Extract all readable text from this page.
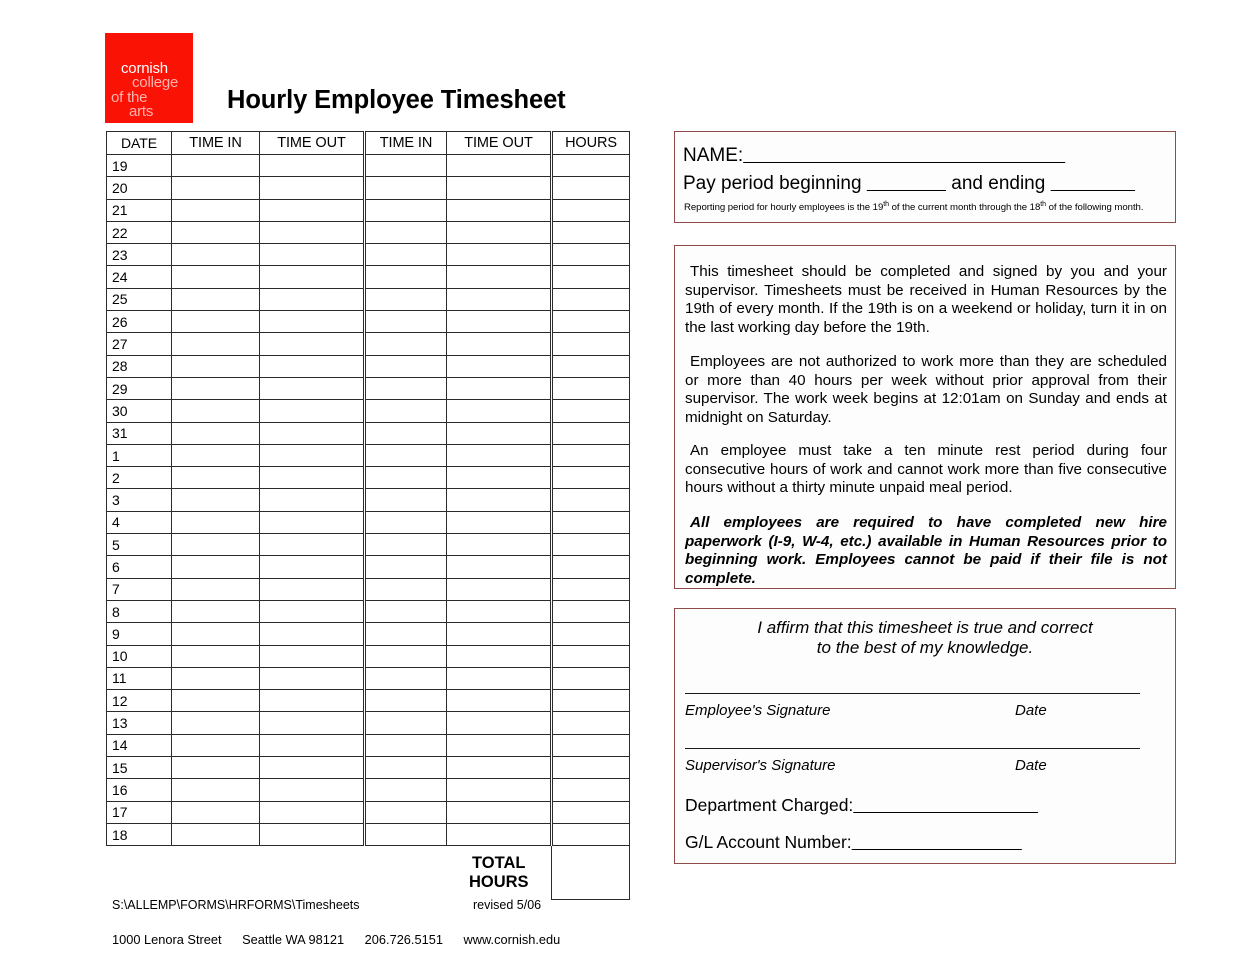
cornish
college
of the
arts	Hourly Employee Timesheet
DATE	TIME IN	TIME OUT	TIME IN	TIME OUT	HOURS
19					
20					
21					
22					
23					
24					
25					
26					
27					
28					
29					
30					
31					
1					
2					
3					
4					
5					
6					
7					
8					
9					
10					
11					
12					
13					
14					
15					
16					
17					
18					
				TOTAL
HOURS	
NAME:
Pay period beginning	and ending
Reporting period for hourly employees is the 19th of the current month through the 18th of the following month.
This timesheet should be completed and signed by you and your supervisor. Timesheets must be received in Human Resources by the 19th of every month. If the 19th is on a weekend or holiday, turn it in on the last working day before the 19th.
Employees are not authorized to work more than they are scheduled or more than 40 hours per week without prior approval from their supervisor. The work week begins at 12:01am on Sunday and ends at midnight on Saturday.
An employee must take a ten minute rest period during four consecutive hours of work and cannot work more than five consecutive hours without a thirty minute unpaid meal period.
All employees are required to have completed new hire paperwork (I-9, W-4, etc.) available in Human Resources prior to beginning work. Employees cannot be paid if their file is not complete.
I affirm that this timesheet is true and correct
to the best of my knowledge.
Employee's Signature	Date
Supervisor's Signature	Date
Department Charged:
G/L Account Number:
S:\ALLEMP\FORMS\HRFORMS\Timesheets	revised 5/06
1000 Lenora Street Seattle WA 98121 206.726.5151 www.cornish.edu
